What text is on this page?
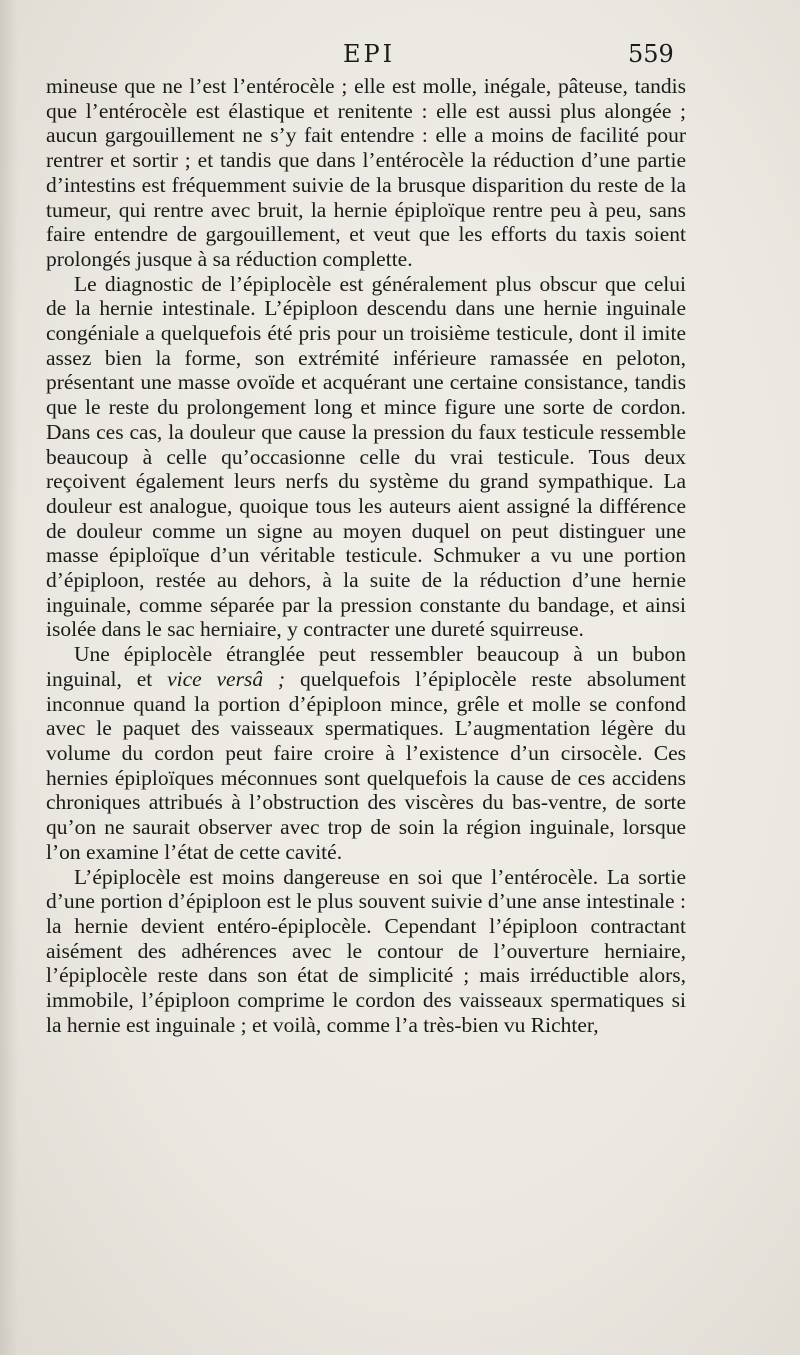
EPI	559

mineuse que ne l’est l’entérocèle ; elle est molle, inégale, pâteuse, tandis que l’entérocèle est élastique et renitente : elle est aussi plus alongée ; aucun gargouillement ne s’y fait entendre : elle a moins de facilité pour rentrer et sortir ; et tandis que dans l’entérocèle la réduction d’une partie d’intestins est fréquemment suivie de la brusque disparition du reste de la tumeur, qui rentre avec bruit, la hernie épiploïque rentre peu à peu, sans faire entendre de gargouillement, et veut que les efforts du taxis soient prolongés jusque à sa réduction complette.

Le diagnostic de l’épiplocèle est généralement plus obscur que celui de la hernie intestinale. L’épiploon descendu dans une hernie inguinale congéniale a quelquefois été pris pour un troisième testicule, dont il imite assez bien la forme, son extrémité inférieure ramassée en peloton, présentant une masse ovoïde et acquérant une certaine consistance, tandis que le reste du prolongement long et mince figure une sorte de cordon. Dans ces cas, la douleur que cause la pression du faux testicule ressemble beaucoup à celle qu’occasionne celle du vrai testicule. Tous deux reçoivent également leurs nerfs du système du grand sympathique. La douleur est analogue, quoique tous les auteurs aient assigné la différence de douleur comme un signe au moyen duquel on peut distinguer une masse épiploïque d’un véritable testicule. Schmuker a vu une portion d’épiploon, restée au dehors, à la suite de la réduction d’une hernie inguinale, comme séparée par la pression constante du bandage, et ainsi isolée dans le sac herniaire, y contracter une dureté squirreuse.

Une épiplocèle étranglée peut ressembler beaucoup à un bubon inguinal, et vice versâ ; quelquefois l’épiplocèle reste absolument inconnue quand la portion d’épiploon mince, grêle et molle se confond avec le paquet des vaisseaux spermatiques. L’augmentation légère du volume du cordon peut faire croire à l’existence d’un cirsocèle. Ces hernies épiploïques méconnues sont quelquefois la cause de ces accidens chroniques attribués à l’obstruction des viscères du bas-ventre, de sorte qu’on ne saurait observer avec trop de soin la région inguinale, lorsque l’on examine l’état de cette cavité.

L’épiplocèle est moins dangereuse en soi que l’entérocèle. La sortie d’une portion d’épiploon est le plus souvent suivie d’une anse intestinale : la hernie devient entéro-épiplocèle. Cependant l’épiploon contractant aisément des adhérences avec le contour de l’ouverture herniaire, l’épiplocèle reste dans son état de simplicité ; mais irréductible alors, immobile, l’épiploon comprime le cordon des vaisseaux spermatiques si la hernie est inguinale ; et voilà, comme l’a très-bien vu Richter,
